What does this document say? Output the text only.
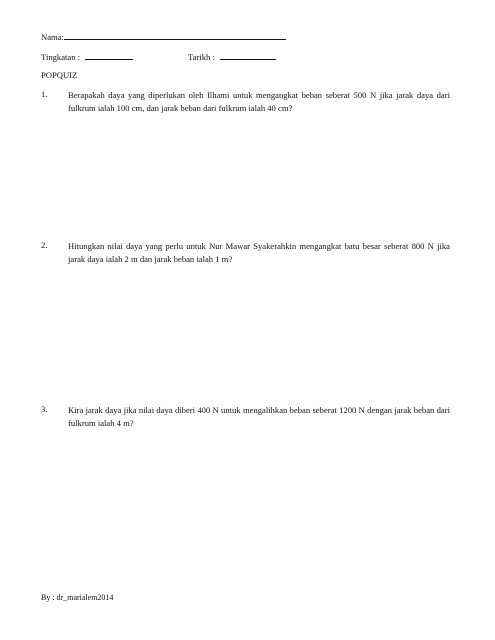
Nama:
Tingkatan :	Tarikh :
POPQUIZ
1. Berapakah daya yang diperlukan oleh Ilhami untuk mengangkat beban seberat 500 N jika jarak daya dari fulkrum ialah 100 cm, dan jarak beban dari fulkrum ialah 40 cm?
2. Hitungkan nilai daya yang perlu untuk Nur Mawar Syakerahkin mengangkat batu besar seberat 800 N jika jarak daya ialah 2 m dan jarak beban ialah 1 m?
3. Kira jarak daya jika nilai daya diberi 400 N untuk mengalihkan beban seberat 1200 N dengan jarak beban dari fulkrum ialah 4 m?
By : dr_marialem2014
